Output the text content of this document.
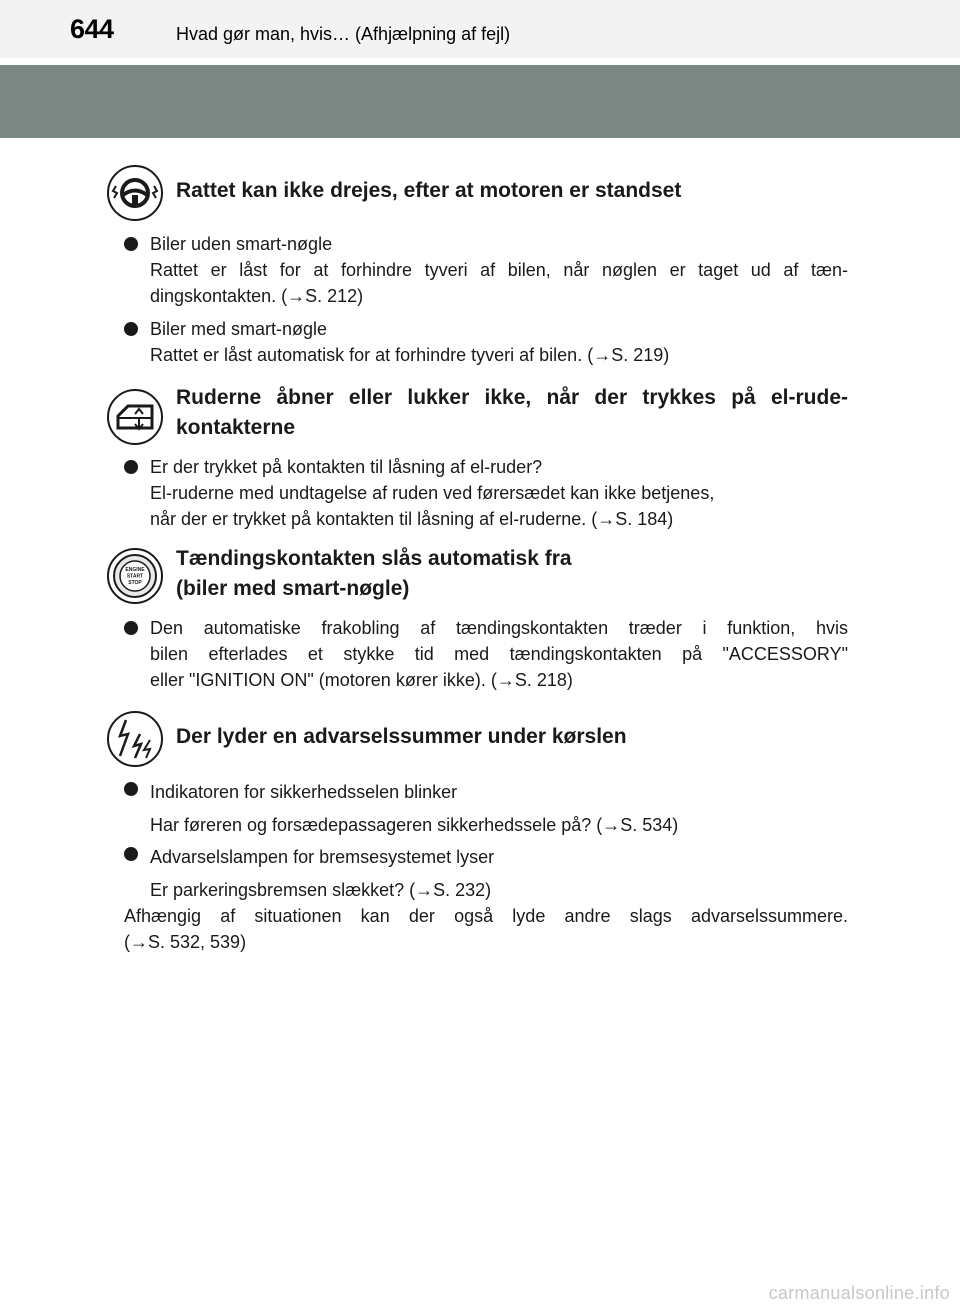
644	Hvad gør man, hvis… (Afhjælpning af fejl)
Rattet kan ikke drejes, efter at motoren er standset
Biler uden smart-nøgle
Rattet er låst for at forhindre tyveri af bilen, når nøglen er taget ud af tæn-
dingskontakten. (→S. 212)
Biler med smart-nøgle
Rattet er låst automatisk for at forhindre tyveri af bilen. (→S. 219)
Ruderne åbner eller lukker ikke, når der trykkes på el-rude-
kontakterne
Er der trykket på kontakten til låsning af el-ruder?
El-ruderne med undtagelse af ruden ved førersædet kan ikke betjenes,
når der er trykket på kontakten til låsning af el-ruderne. (→S. 184)
ENGINE
START
STOP
Tændingskontakten slås automatisk fra
(biler med smart-nøgle)
Den automatiske frakobling af tændingskontakten træder i funktion, hvis
bilen efterlades et stykke tid med tændingskontakten på "ACCESSORY"
eller "IGNITION ON" (motoren kører ikke). (→S. 218)
Der lyder en advarselssummer under kørslen
Indikatoren for sikkerhedsselen blinker
Har føreren og forsædepassageren sikkerhedssele på? (→S. 534)
Advarselslampen for bremsesystemet lyser
Er parkeringsbremsen slækket? (→S. 232)
Afhængig af situationen kan der også lyde andre slags advarselssummere.
(→S. 532, 539)
carmanualsonline.info
